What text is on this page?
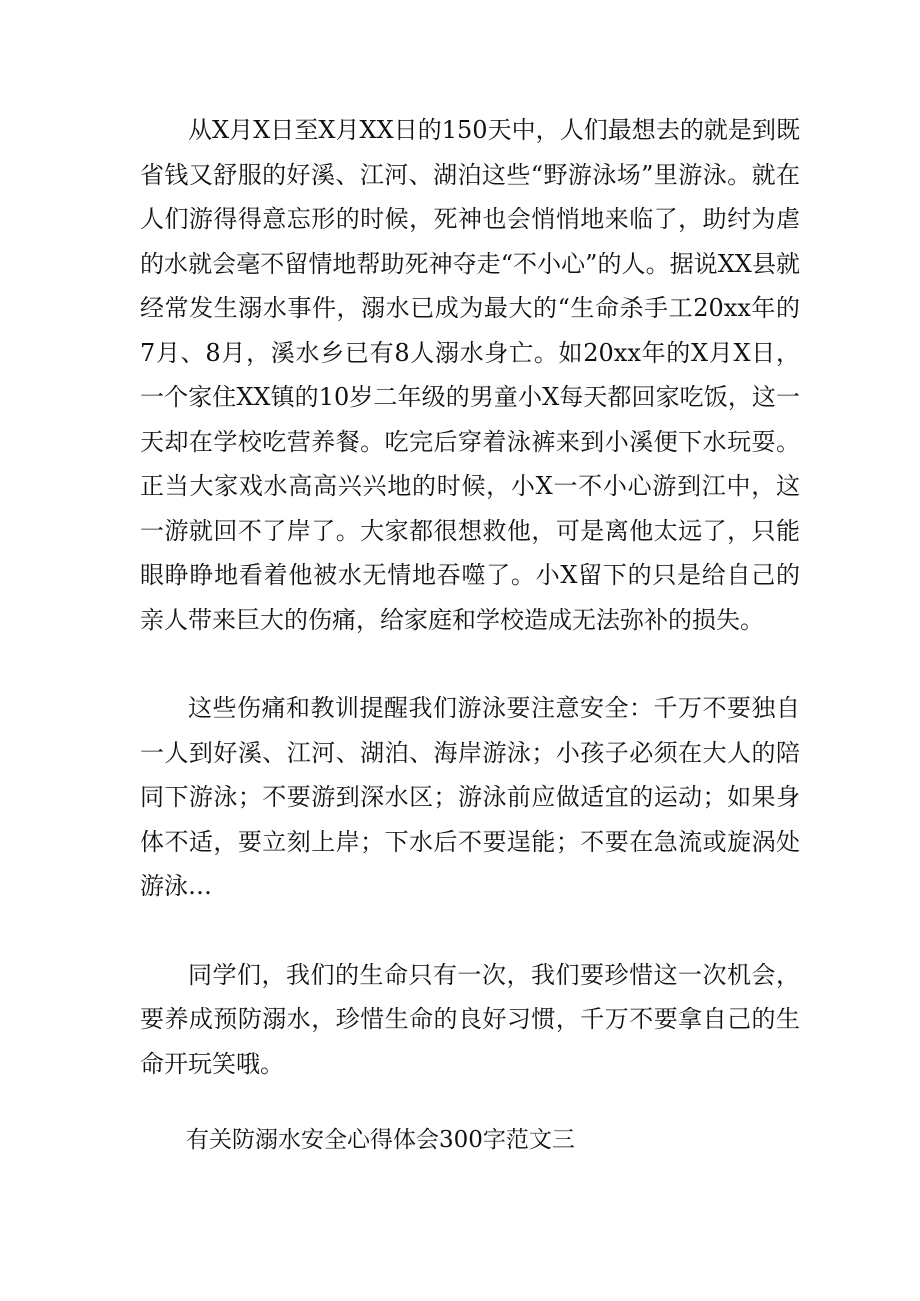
从X月X日至X月XX日的150天中，人们最想去的就是到既省钱又舒服的好溪、江河、湖泊这些“野游泳场”里游泳。就在人们游得得意忘形的时候，死神也会悄悄地来临了，助纣为虐的水就会毫不留情地帮助死神夺走“不小心”的人。据说XX县就经常发生溺水事件，溺水已成为最大的“生命杀手工20xx年的7月、8月，溪水乡已有8人溺水身亡。如20xx年的X月X日，一个家住XX镇的10岁二年级的男童小X每天都回家吃饭，这一天却在学校吃营养餐。吃完后穿着泳裤来到小溪便下水玩耍。正当大家戏水高高兴兴地的时候，小X一不小心游到江中，这一游就回不了岸了。大家都很想救他，可是离他太远了，只能眼睁睁地看着他被水无情地吞噬了。小X留下的只是给自己的亲人带来巨大的伤痛，给家庭和学校造成无法弥补的损失。

这些伤痛和教训提醒我们游泳要注意安全：千万不要独自一人到好溪、江河、湖泊、海岸游泳；小孩子必须在大人的陪同下游泳；不要游到深水区；游泳前应做适宜的运动；如果身体不适，要立刻上岸；下水后不要逞能；不要在急流或旋涡处游泳…

同学们，我们的生命只有一次，我们要珍惜这一次机会，要养成预防溺水，珍惜生命的良好习惯，千万不要拿自己的生命开玩笑哦。

有关防溺水安全心得体会300字范文三
